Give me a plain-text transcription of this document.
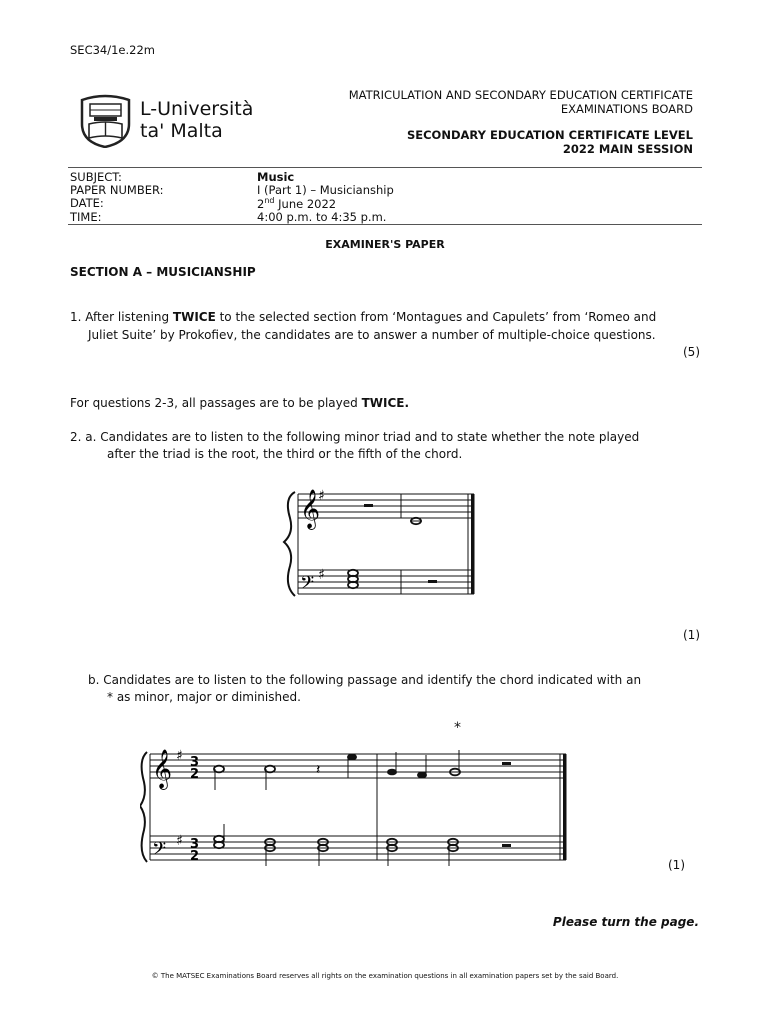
SEC34/1e.22m
L-Università
ta' Malta
MATRICULATION AND SECONDARY EDUCATION CERTIFICATE
EXAMINATIONS BOARD
SECONDARY EDUCATION CERTIFICATE LEVEL
2022 MAIN SESSION
SUBJECT:	Music
PAPER NUMBER:	I (Part 1) – Musicianship
DATE:	2nd June 2022
TIME:	4:00 p.m. to 4:35 p.m.
EXAMINER'S PAPER
SECTION A – MUSICIANSHIP
1. After listening TWICE to the selected section from ‘Montagues and Capulets’ from ‘Romeo and
Juliet Suite’ by Prokofiev, the candidates are to answer a number of multiple-choice questions.
(5)
For questions 2-3, all passages are to be played TWICE.
2. a. Candidates are to listen to the following minor triad and to state whether the note played
after the triad is the root, the third or the fifth of the chord.
𝄞
♯
𝄢 ♯
(1)
b. Candidates are to listen to the following passage and identify the chord indicated with an
* as minor, major or diminished.
*
𝄞 ♯
𝄢 ♯
3
2
3
2
𝄽
(1)
Please turn the page.
© The MATSEC Examinations Board reserves all rights on the examination questions in all examination papers set by the said Board.
